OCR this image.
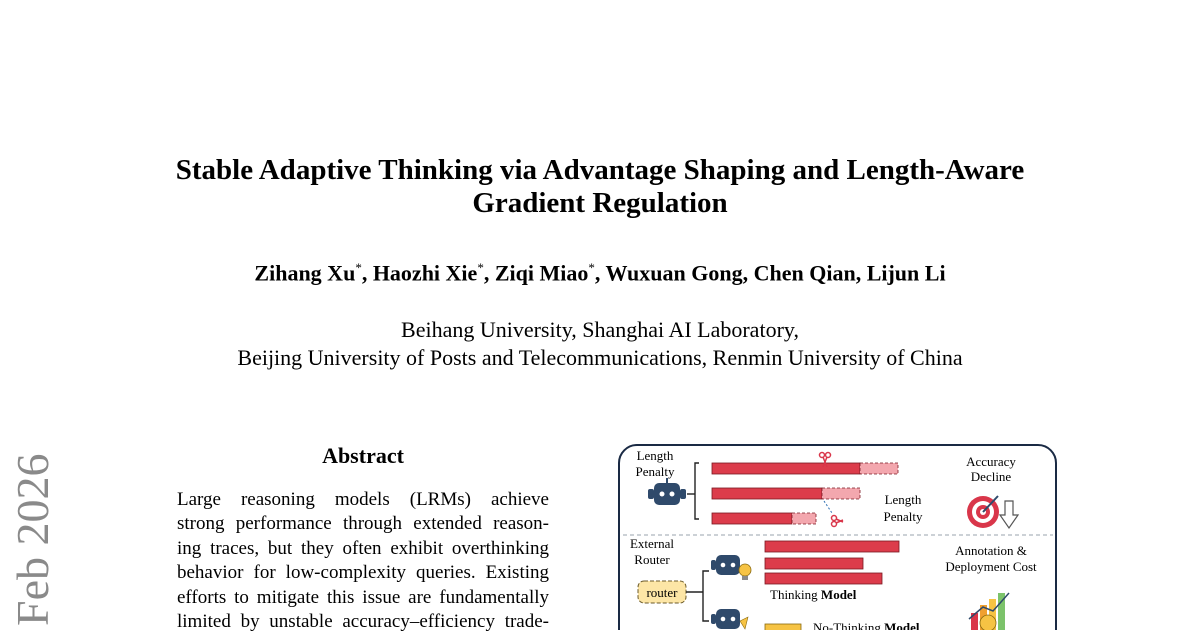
Feb 2026
Stable Adaptive Thinking via Advantage Shaping and Length-Aware
Gradient Regulation
Zihang Xu*, Haozhi Xie*, Ziqi Miao*, Wuxuan Gong, Chen Qian, Lijun Li
Beihang University, Shanghai AI Laboratory,
Beijing University of Posts and Telecommunications, Renmin University of China
Abstract
Large reasoning models (LRMs) achieve
strong performance through extended reason-
ing traces, but they often exhibit overthinking
behavior for low-complexity queries. Existing
efforts to mitigate this issue are fundamentally
limited by unstable accuracy–efficiency trade-
Length
Penalty
Length
Penalty
Accuracy
Decline
External
Router
router	Thinking Model
Annotation &
Deployment Cost
No-Thinking Model
